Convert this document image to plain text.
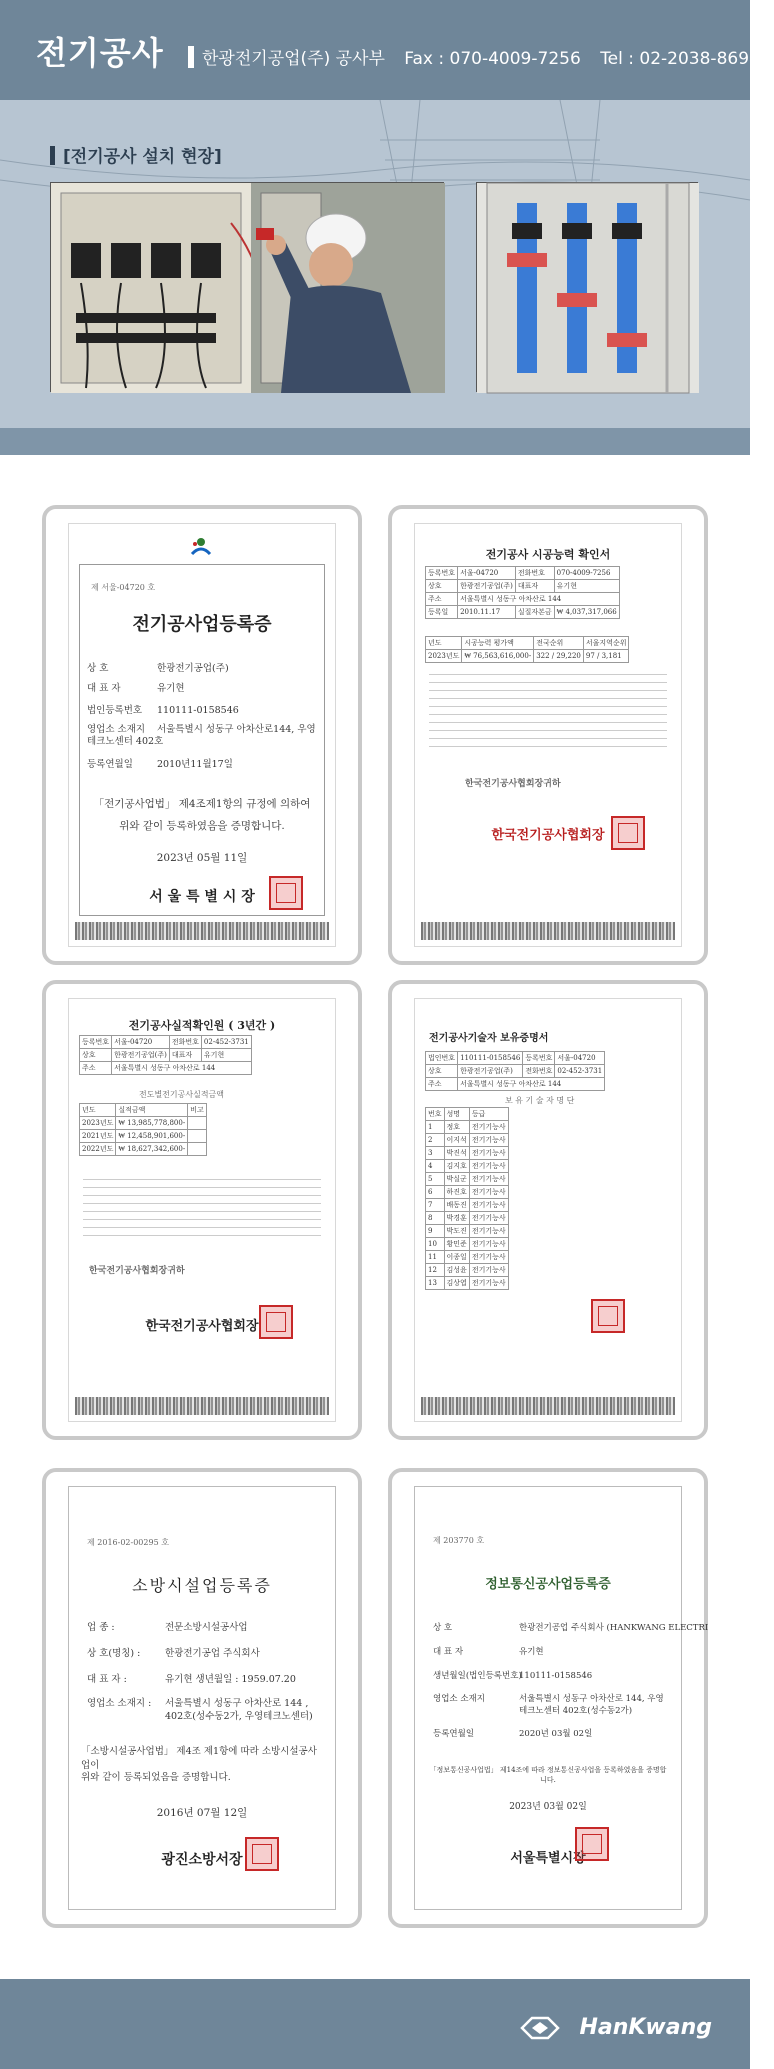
전기공사 한광전기공업(주) 공사부 Fax : 070-4009-7256 Tel : 02-2038-8699
[전기공사 설치 현장]
제 서울-04720 호
전기공사업등록증
상 호	한광전기공업(주)
대 표 자	유기현
법인등록번호 110111-0158546
영업소 소재지 서울특별시 성동구 아차산로144, 우영테크노센터 402호
등록연월일	2010년11월17일
「전기공사업법」 제4조제1항의 규정에 의하여
위와 같이 등록하였음을 증명합니다.
2023년 05월 11일
서 울 특 별 시 장
전기공사 시공능력 확인서
등록번호	서울-04720	전화번호	070-4009-7256
상호	한광전기공업(주)	대표자	유기현
주소	서울특별시 성동구 아차산로 144		
등록일	2010.11.17	실질자본금	₩ 4,037,317,066
년도	시공능력 평가액	전국순위	서울지역순위
2023년도	₩ 76,563,616,000-	322 / 29,220	97 / 3,181
한국전기공사협회장귀하
한국전기공사협회장
전기공사실적확인원 ( 3년간 )
등록번호	서울-04720	전화번호	02-452-3731
상호	한광전기공업(주)	대표자	유기현
주소	서울특별시 성동구 아차산로 144		
전도별전기공사실적금액
년도	실적금액	비고
2023년도	₩ 13,985,778,800-	
2021년도	₩ 12,458,901,600-	
2022년도	₩ 18,627,342,600-	
한국전기공사협회장귀하
한국전기공사협회장
전기공사기술자 보유증명서
법인번호	110111-0158546	등록번호	서울-04720
상호	한광전기공업(주)	전화번호	02-452-3731
주소	서울특별시 성동구 아차산로 144		
보 유 기 술 자 명 단
번호	성명	등급
1	정호	전기기능사
2	이지석	전기기능사
3	박진석	전기기능사
4	김지호	전기기능사
5	박실군	전기기능사
6	하진호	전기기능사
7	배동진	전기기능사
8	박경훈	전기기능사
9	박도진	전기기능사
10	황민준	전기기능사
11	이종일	전기기능사
12	김성윤	전기기능사
13	김상엽	전기기능사
제 2016-02-00295 호
소방시설업등록증
업 종 :	전문소방시설공사업
상 호(명칭) :	한광전기공업 주식회사
대 표 자 :	유기현 생년월일 : 1959.07.20
영업소 소재지 : 서울특별시 성동구 아차산로 144 , 402호(성수동2가, 우영테크노센터)
「소방시설공사업법」 제4조 제1항에 따라 소방시설공사업이
위와 같이 등록되었음을 증명합니다.
2016년 07월 12일
광진소방서장
제 203770 호
정보통신공사업등록증
상 호	한광전기공업 주식회사 (HANKWANG ELECTRI
대 표 자	유기현
생년월일(법인등록번호)110111-0158546
영업소 소재지	서울특별시 성동구 아차산로 144, 우영테크노센터 402호(성수동2가)
등록연월일	2020년 03월 02일
「정보통신공사업법」 제14조에 따라 정보통신공사업을 등록하였음을 증명합니다.
2023년 03월 02일
서울특별시장
HanKwang
